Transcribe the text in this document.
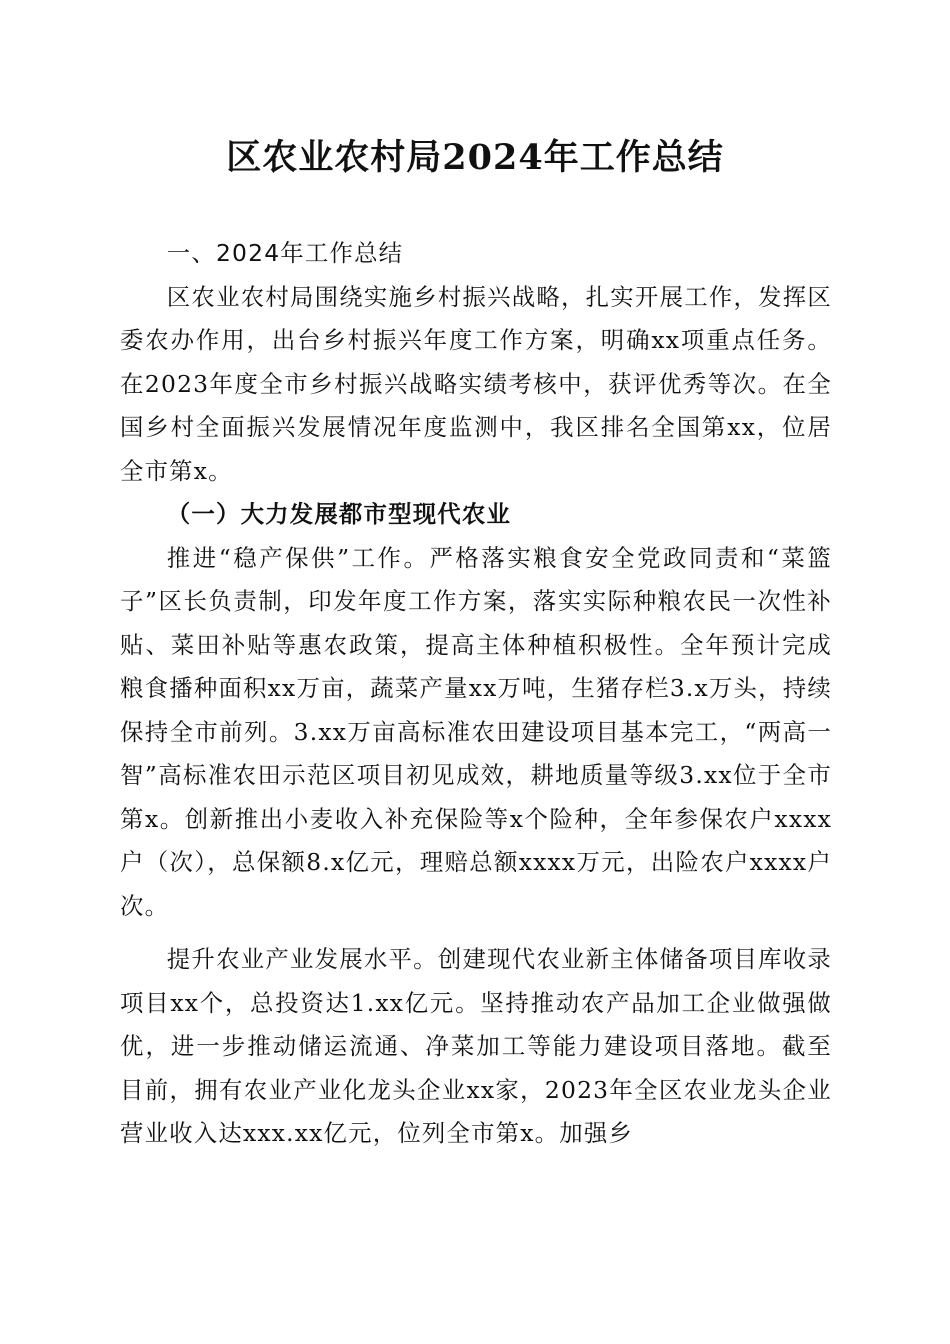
区农业农村局2024年工作总结

一、2024年工作总结

区农业农村局围绕实施乡村振兴战略，扎实开展工作，发挥区委农办作用，出台乡村振兴年度工作方案，明确xx项重点任务。在2023年度全市乡村振兴战略实绩考核中，获评优秀等次。在全国乡村全面振兴发展情况年度监测中，我区排名全国第xx，位居全市第x。

（一）大力发展都市型现代农业

推进“稳产保供”工作。严格落实粮食安全党政同责和“菜篮子”区长负责制，印发年度工作方案，落实实际种粮农民一次性补贴、菜田补贴等惠农政策，提高主体种植积极性。全年预计完成粮食播种面积xx万亩，蔬菜产量xx万吨，生猪存栏3.x万头，持续保持全市前列。3.xx万亩高标准农田建设项目基本完工，“两高一智”高标准农田示范区项目初见成效，耕地质量等级3.xx位于全市第x。创新推出小麦收入补充保险等x个险种，全年参保农户xxxx户（次），总保额8.x亿元，理赔总额xxxx万元，出险农户xxxx户次。

提升农业产业发展水平。创建现代农业新主体储备项目库收录项目xx个，总投资达1.xx亿元。坚持推动农产品加工企业做强做优，进一步推动储运流通、净菜加工等能力建设项目落地。截至目前，拥有农业产业化龙头企业xx家，2023年全区农业龙头企业营业收入达xxx.xx亿元，位列全市第x。加强乡
